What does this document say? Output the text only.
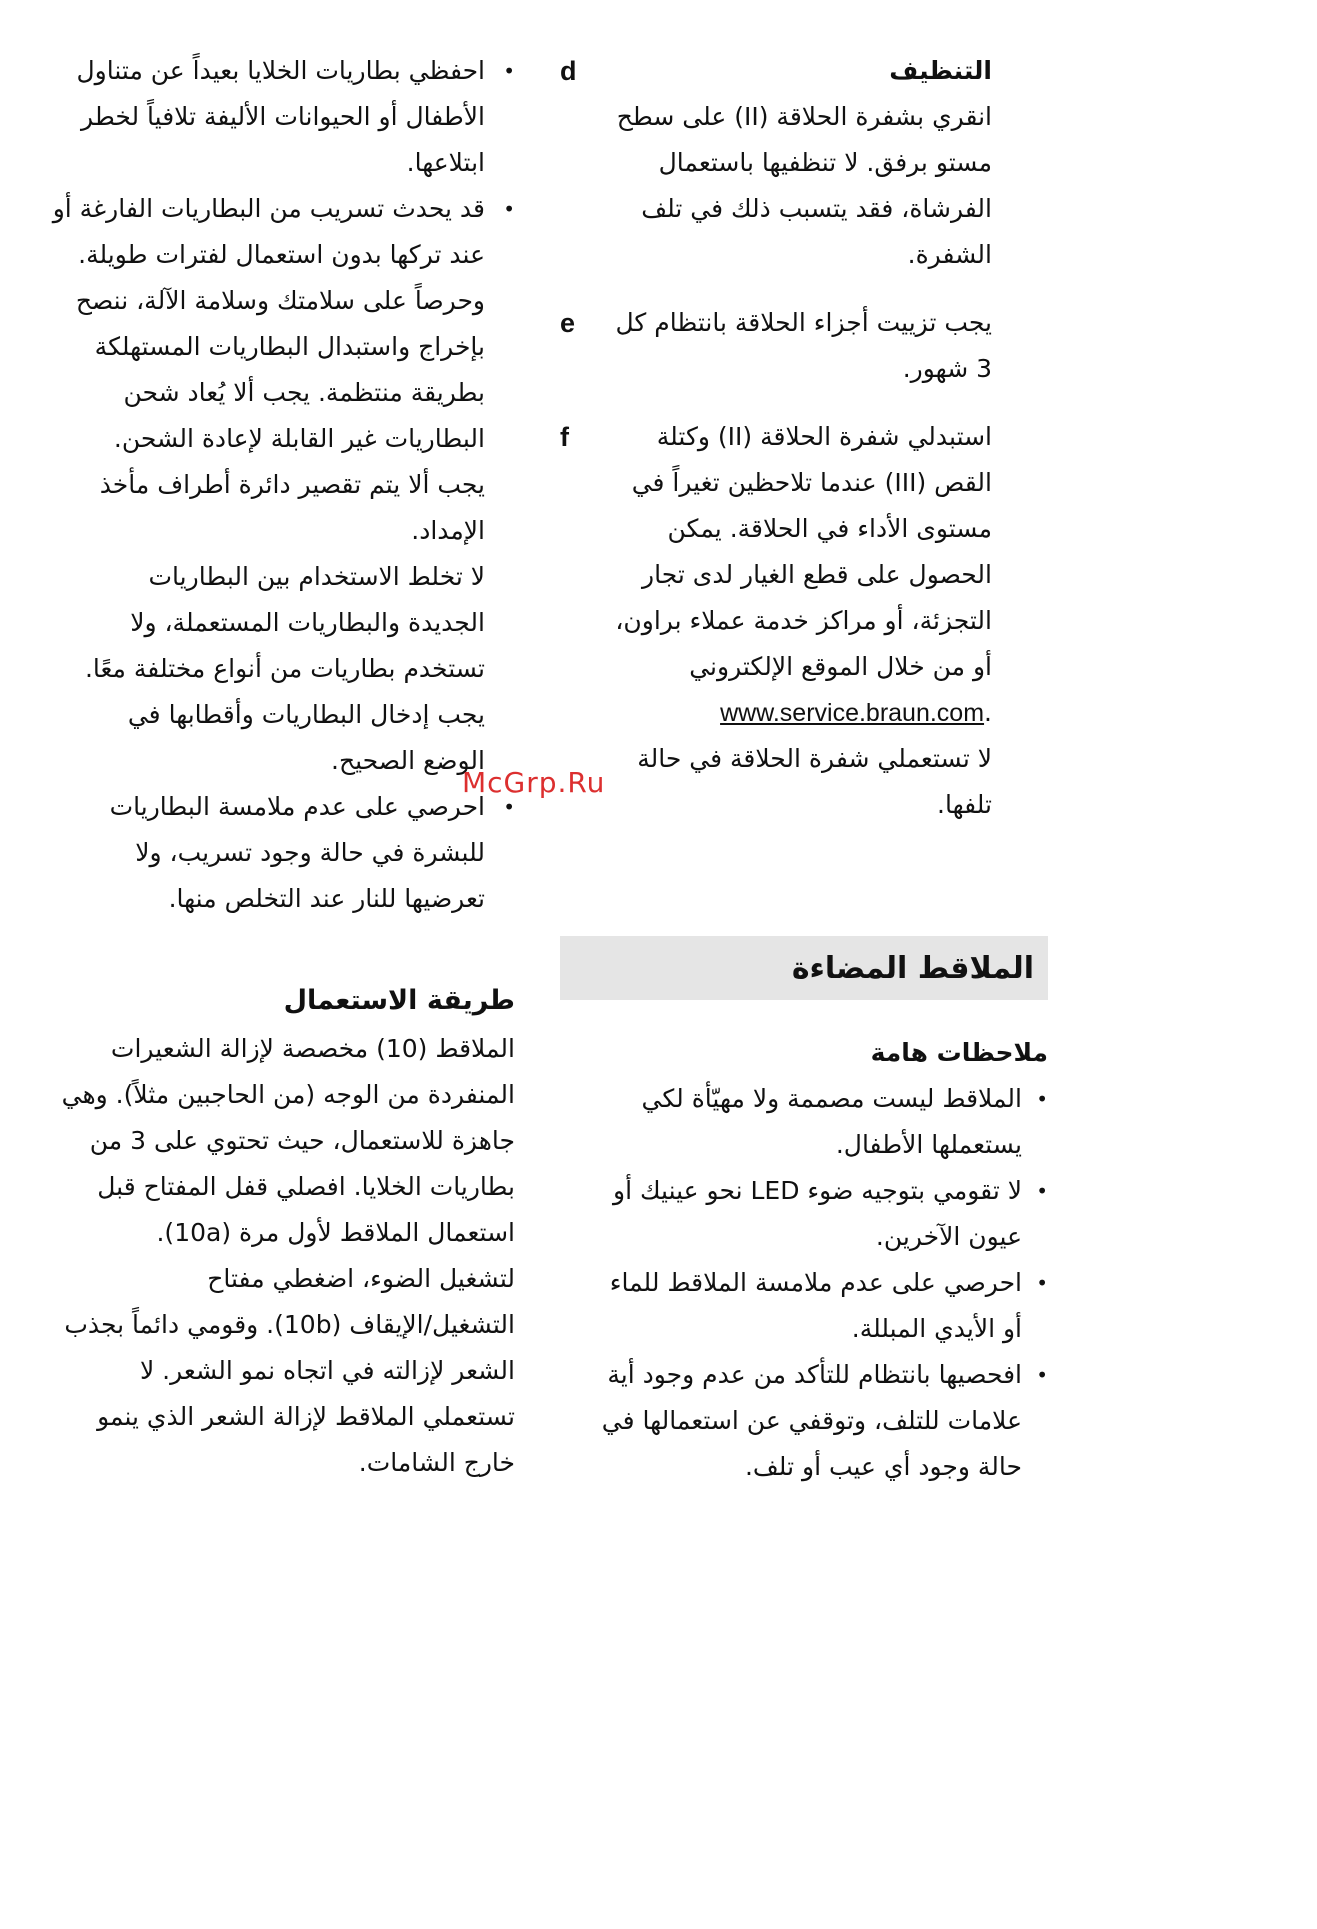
d	التنظيف

انقري بشفرة الحلاقة (II) على سطح

مستو برفق. لا تنظفيها باستعمال

الفرشاة، فقد يتسبب ذلك في تلف

الشفرة.

e	يجب تزييت أجزاء الحلاقة بانتظام كل

3 شهور.

f	استبدلي شفرة الحلاقة (II) وكتلة

القص (III) عندما تلاحظين تغيراً في

مستوى الأداء في الحلاقة. يمكن

الحصول على قطع الغيار لدى تجار

التجزئة، أو مراكز خدمة عملاء براون،

أو من خلال الموقع الإلكتروني

.www.service.braun.com

لا تستعملي شفرة الحلاقة في حالة

تلفها.

الملاقط المضاءة
ملاحظات هامة
•

الملاقط ليست مصممة ولا مهيّأة لكي

يستعملها الأطفال.

•

لا تقومي بتوجيه ضوء LED نحو عينيك أو

عيون الآخرين.

•

احرصي على عدم ملامسة الملاقط للماء

أو الأيدي المبللة.

•

افحصيها بانتظام للتأكد من عدم وجود أية

علامات للتلف، وتوقفي عن استعمالها في

حالة وجود أي عيب أو تلف.

•

احفظي بطاريات الخلايا بعيداً عن متناول

الأطفال أو الحيوانات الأليفة تلافياً لخطر

ابتلاعها.

•

قد يحدث تسريب من البطاريات الفارغة أو

عند تركها بدون استعمال لفترات طويلة.

وحرصاً على سلامتك وسلامة الآلة، ننصح

بإخراج واستبدال البطاريات المستهلكة

بطريقة منتظمة. يجب ألا يُعاد شحن

البطاريات غير القابلة لإعادة الشحن.

يجب ألا يتم تقصير دائرة أطراف مأخذ

الإمداد.

لا تخلط الاستخدام بين البطاريات

الجديدة والبطاريات المستعملة، ولا

تستخدم بطاريات من أنواع مختلفة معًا.

يجب إدخال البطاريات وأقطابها في

الوضع الصحيح.

•

احرصي على عدم ملامسة البطاريات

للبشرة في حالة وجود تسريب، ولا

تعرضيها للنار عند التخلص منها.

طريقة الاستعمال

الملاقط (10) مخصصة لإزالة الشعيرات

المنفردة من الوجه (من الحاجبين مثلاً). وهي

جاهزة للاستعمال، حيث تحتوي على 3 من

بطاريات الخلايا. افصلي قفل المفتاح قبل

استعمال الملاقط لأول مرة (10a).

لتشغيل الضوء، اضغطي مفتاح

التشغيل/الإيقاف (10b). وقومي دائماً بجذب

الشعر لإزالته في اتجاه نمو الشعر. لا

تستعملي الملاقط لإزالة الشعر الذي ينمو

خارج الشامات.

McGrp.Ru
